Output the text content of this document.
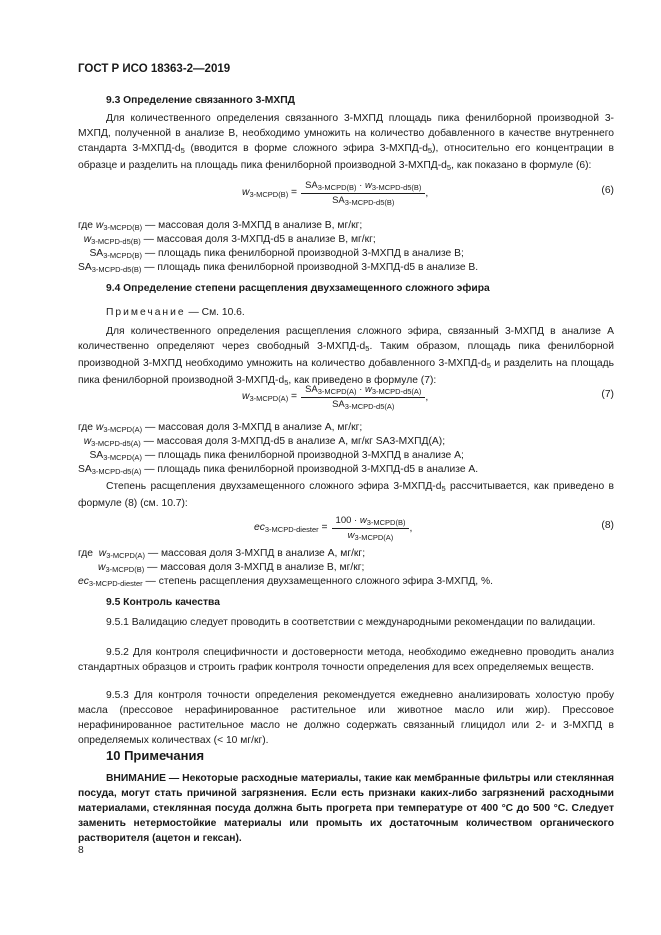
ГОСТ Р ИСО 18363-2—2019

9.3 Определение связанного 3-МХПД

Для количественного определения связанного 3-МХПД площадь пика фенилборной производной 3-МХПД, полученной в анализе В, необходимо умножить на количество добавленного в качестве внутреннего стандарта $3-МХПД-d_5$ (вводится в форме сложного эфира $3-МХПД-d_5$), относительно его концентрации в образце и разделить на площадь пика фенилборной производной $3-МХПД-d_5$, как показано в формуле (6):

$w_{3-MCPD(B)} = \frac{SA_{3-MCPD(B)} \cdot w_{3-MCPD-d5(B)}}{SA_{3-MCPD-d5(B)}}$ ,	(6)

где $w_{3-MCPD(B)}$ — массовая доля 3-МХПД в анализе В, мг/кг;

$w_{3-MCPD-d5(B)}$ — массовая доля 3-МХПД-d5 в анализе В, мг/кг;

$SA_{3-MCPD(B)}$ — площадь пика фенилборной производной 3-МХПД в анализе В;

$SA_{3-MCPD-d5(B)}$ — площадь пика фенилборной производной 3-МХПД-d5 в анализе В.

9.4 Определение степени расщепления двухзамещенного сложного эфира

Примечание — См. 10.6.

Для количественного определения расщепления сложного эфира, связанный 3-МХПД в анализе А количественно определяют через свободный $3-МХПД-d_5$. Таким образом, площадь пика фенилборной производной 3-МХПД необходимо умножить на количество добавленного $3-МХПД-d_5$ и разделить на площадь пика фенилборной производной $3-МХПД-d_5$, как приведено в формуле (7):

$w_{3-MCPD(A)} = \frac{SA_{3-MCPD(A)} \cdot w_{3-MCPD-d5(A)}}{SA_{3-MCPD-d5(A)}}$ ,	(7)

где $w_{3-MCPD(A)}$ — массовая доля 3-МХПД в анализе А, мг/кг;

$w_{3-MCPD-d5(A)}$ — массовая доля 3-МХПД-d5 в анализе А, мг/кг SA3-МХПД(А);

$SA_{3-MCPD(A)}$ — площадь пика фенилборной производной 3-МХПД в анализе А;

$SA_{3-MCPD-d5(A)}$ — площадь пика фенилборной производной 3-МХПД-d5 в анализе А.

Степень расщепления двухзамещенного сложного эфира $3-МХПД-d_5$ рассчитывается, как приведено в формуле (8) (см. 10.7):

$ec_{3-MCPD-diester} = \frac{100 \cdot w_{3-MCPD(B)}}{w_{3-MCPD(A)}}$ ,	(8)

где  $w_{3-MCPD(A)}$ — массовая доля 3-МХПД в анализе А, мг/кг;

$w_{3-MCPD(B)}$ — массовая доля 3-МХПД в анализе В, мг/кг;

$ec_{3-MCPD-diester}$ — степень расщепления двухзамещенного сложного эфира 3-МХПД, %.

9.5 Контроль качества

9.5.1 Валидацию следует проводить в соответствии с международными рекомендации по валидации.

9.5.2 Для контроля специфичности и достоверности метода, необходимо ежедневно проводить анализ стандартных образцов и строить график контроля точности определения для всех определяемых веществ.

9.5.3 Для контроля точности определения рекомендуется ежедневно анализировать холостую пробу масла (прессовое нерафинированное растительное или животное масло или жир). Прессовое нерафинированное растительное масло не должно содержать связанный глицидол или 2- и 3-МХПД в определяемых количествах (< 10 мг/кг).

10 Примечания

ВНИМАНИЕ — Некоторые расходные материалы, такие как мембранные фильтры или стеклянная посуда, могут стать причиной загрязнения. Если есть признаки каких-либо загрязнений расходными материалами, стеклянная посуда должна быть прогрета при температуре от 400 °С до 500 °С. Следует заменить нетермостойкие материалы или промыть их достаточным количеством органического растворителя (ацетон и гексан).

8
